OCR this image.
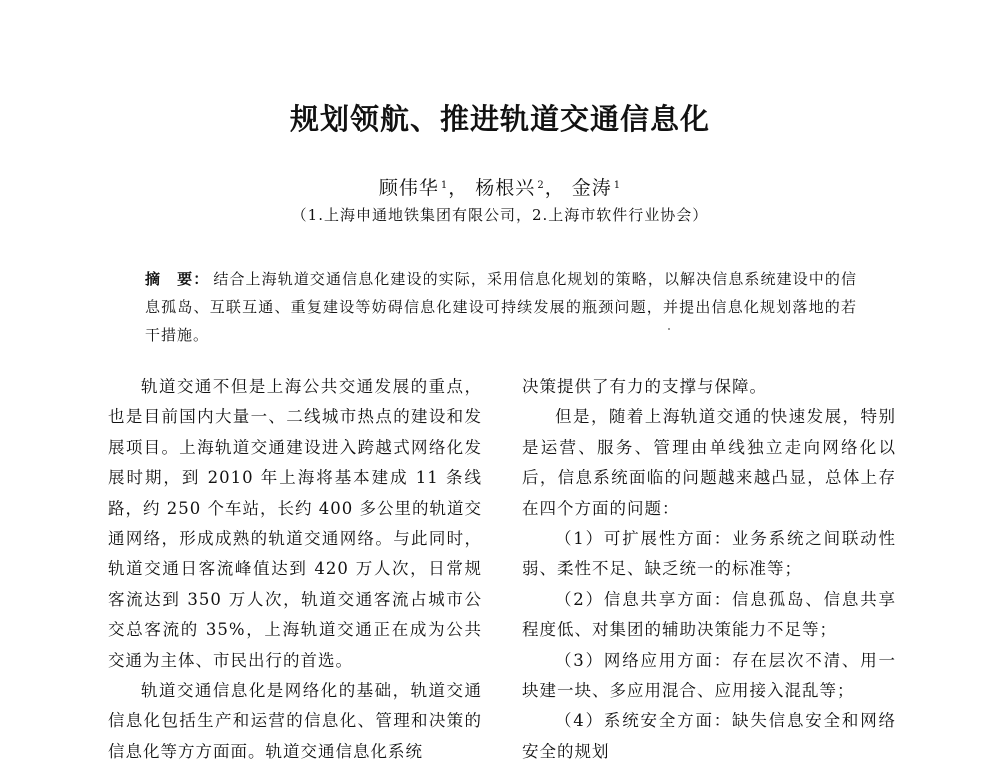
规划领航、推进轨道交通信息化
顾伟华 $^1$， 杨根兴 $^2$， 金涛 $^1$
（1.上海申通地铁集团有限公司，2.上海市软件行业协会）
摘　要： 结合上海轨道交通信息化建设的实际，采用信息化规划的策略，以解决信息系统建设中的信息孤岛、互联互通、重复建设等妨碍信息化建设可持续发展的瓶颈问题，并提出信息化规划落地的若干措施。

轨道交通不但是上海公共交通发展的重点，也是目前国内大量一、二线城市热点的建设和发展项目。上海轨道交通建设进入跨越式网络化发展时期，到 2010 年上海将基本建成 11 条线路，约 250 个车站，长约 400 多公里的轨道交通网络，形成成熟的轨道交通网络。与此同时，轨道交通日客流峰值达到 420 万人次，日常规客流达到 350 万人次，轨道交通客流占城市公交总客流的 35%，上海轨道交通正在成为公共交通为主体、市民出行的首选。

轨道交通信息化是网络化的基础，轨道交通信息化包括生产和运营的信息化、管理和决策的信息化等方方面面。轨道交通信息化系统

决策提供了有力的支撑与保障。

但是，随着上海轨道交通的快速发展，特别是运营、服务、管理由单线独立走向网络化以后，信息系统面临的问题越来越凸显，总体上存在四个方面的问题：

（1）可扩展性方面：业务系统之间联动性弱、柔性不足、缺乏统一的标准等；

（2）信息共享方面：信息孤岛、信息共享程度低、对集团的辅助决策能力不足等；

（3）网络应用方面：存在层次不清、用一块建一块、多应用混合、应用接入混乱等；

（4）系统安全方面：缺失信息安全和网络安全的规划
